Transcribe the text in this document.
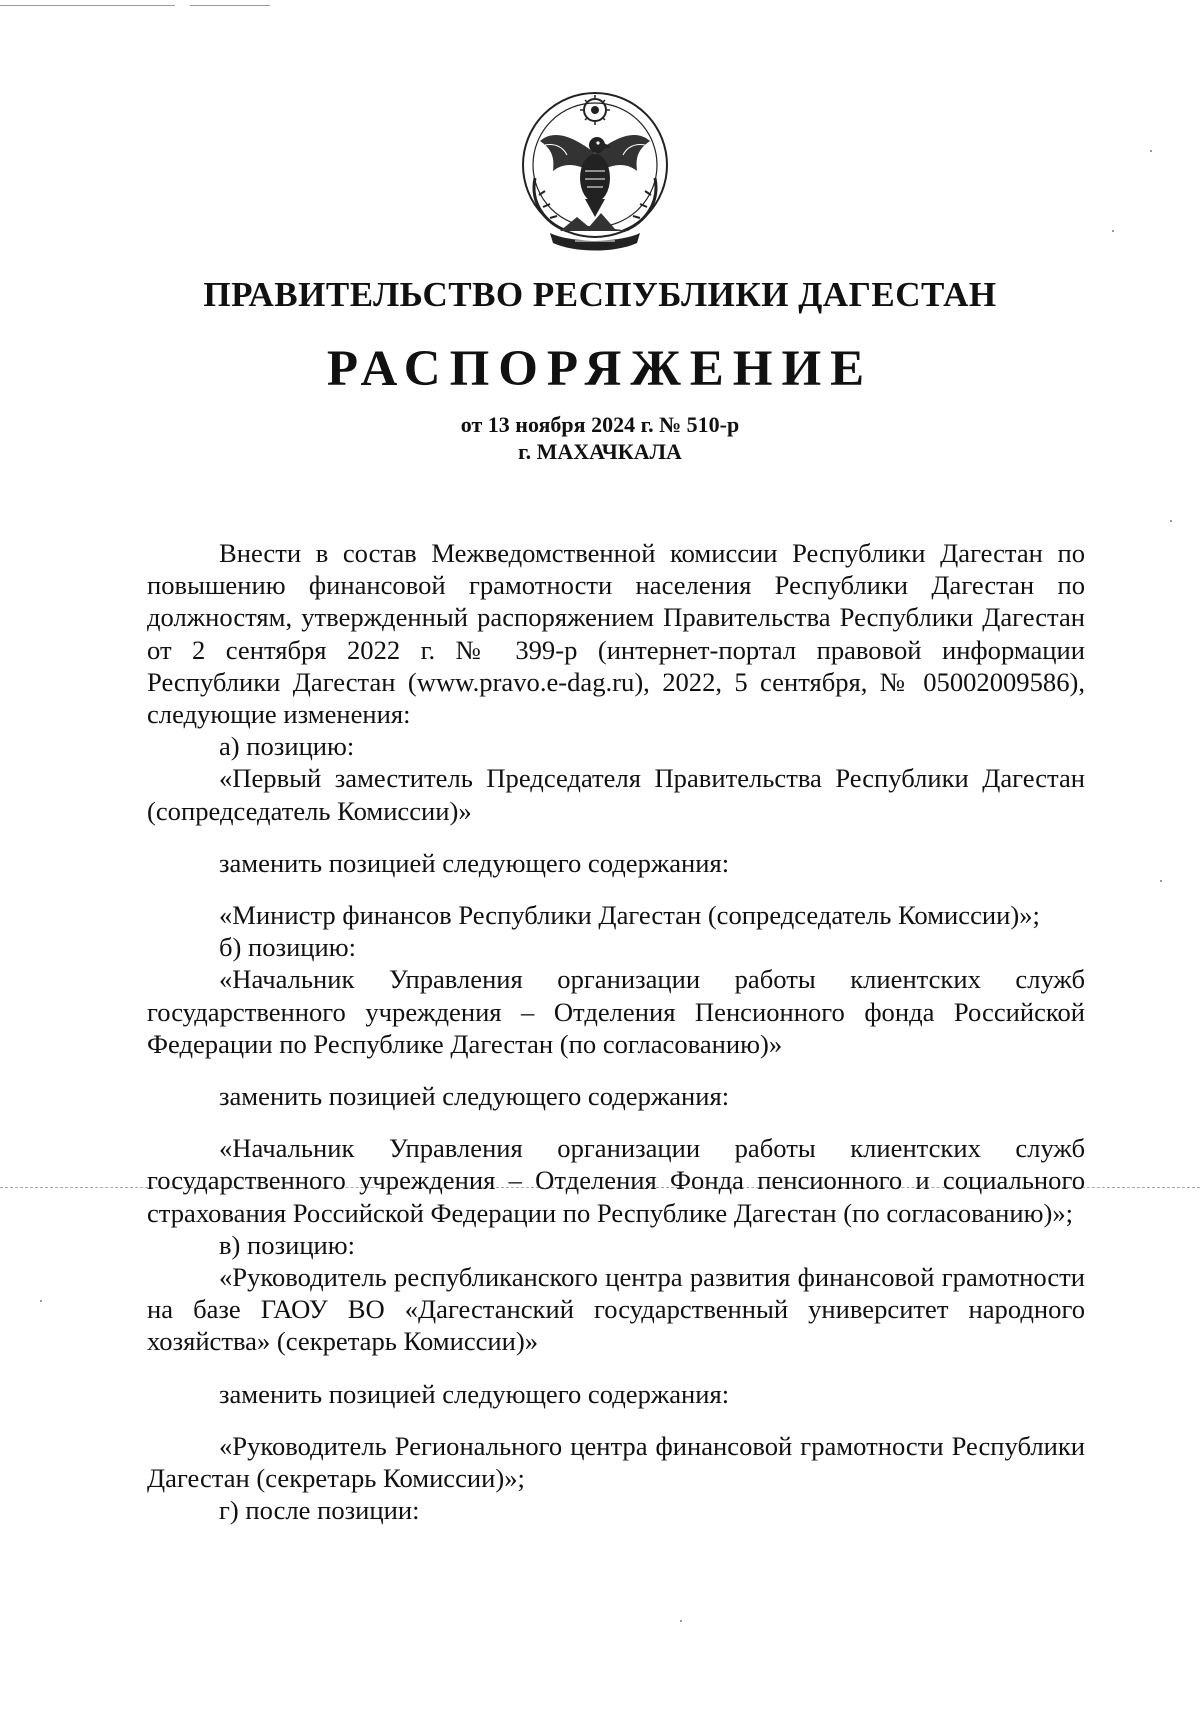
ПРАВИТЕЛЬСТВО РЕСПУБЛИКИ ДАГЕСТАН
РАСПОРЯЖЕНИЕ
от 13 ноября 2024 г. № 510-р
г. МАХАЧКАЛА

Внести в состав Межведомственной комиссии Республики Дагестан по повышению финансовой грамотности населения Республики Дагестан по должностям, утвержденный распоряжением Правительства Республики Дагестан от 2 сентября 2022 г. № 399-р (интернет-портал правовой информации Республики Дагестан (www.pravo.e-dag.ru), 2022, 5 сентября, № 05002009586), следующие изменения:

а) позицию:

«Первый заместитель Председателя Правительства Республики Дагестан (сопредседатель Комиссии)»

заменить позицией следующего содержания:

«Министр финансов Республики Дагестан (сопредседатель Комиссии)»;

б) позицию:

«Начальник Управления организации работы клиентских служб государственного учреждения – Отделения Пенсионного фонда Российской Федерации по Республике Дагестан (по согласованию)»

заменить позицией следующего содержания:

«Начальник Управления организации работы клиентских служб государственного учреждения – Отделения Фонда пенсионного и социального страхования Российской Федерации по Республике Дагестан (по согласованию)»;

в) позицию:

«Руководитель республиканского центра развития финансовой грамотности на базе ГАОУ ВО «Дагестанский государственный университет народного хозяйства» (секретарь Комиссии)»

заменить позицией следующего содержания:

«Руководитель Регионального центра финансовой грамотности Республики Дагестан (секретарь Комиссии)»;

г) после позиции:
